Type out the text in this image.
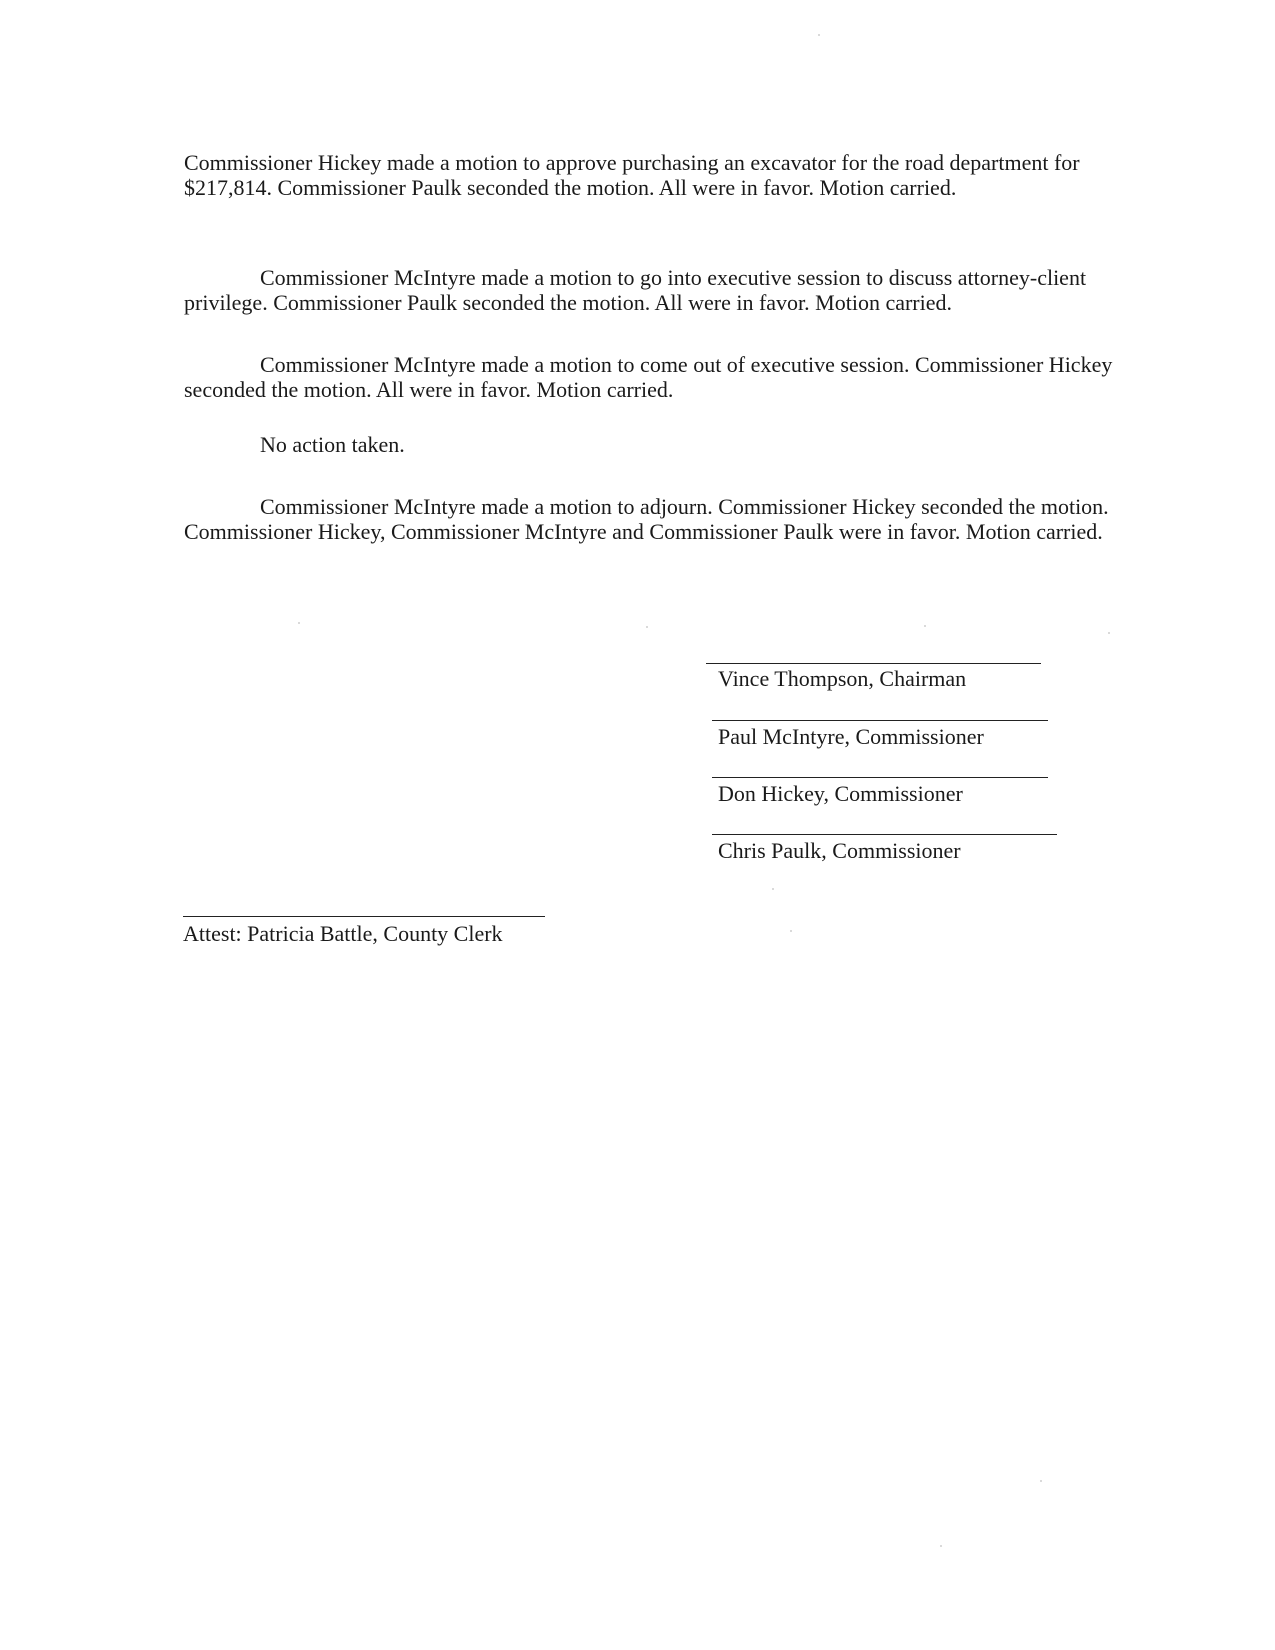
Commissioner Hickey made a motion to approve purchasing an excavator for the road department for $217,814. Commissioner Paulk seconded the motion. All were in favor. Motion carried.

Commissioner McIntyre made a motion to go into executive session to discuss attorney-client privilege. Commissioner Paulk seconded the motion. All were in favor. Motion carried.

Commissioner McIntyre made a motion to come out of executive session. Commissioner Hickey seconded the motion. All were in favor. Motion carried.

No action taken.

Commissioner McIntyre made a motion to adjourn. Commissioner Hickey seconded the motion. Commissioner Hickey, Commissioner McIntyre and Commissioner Paulk were in favor. Motion carried.

Vince Thompson, Chairman
Paul McIntyre, Commissioner
Don Hickey, Commissioner
Chris Paulk, Commissioner
Attest: Patricia Battle, County Clerk
